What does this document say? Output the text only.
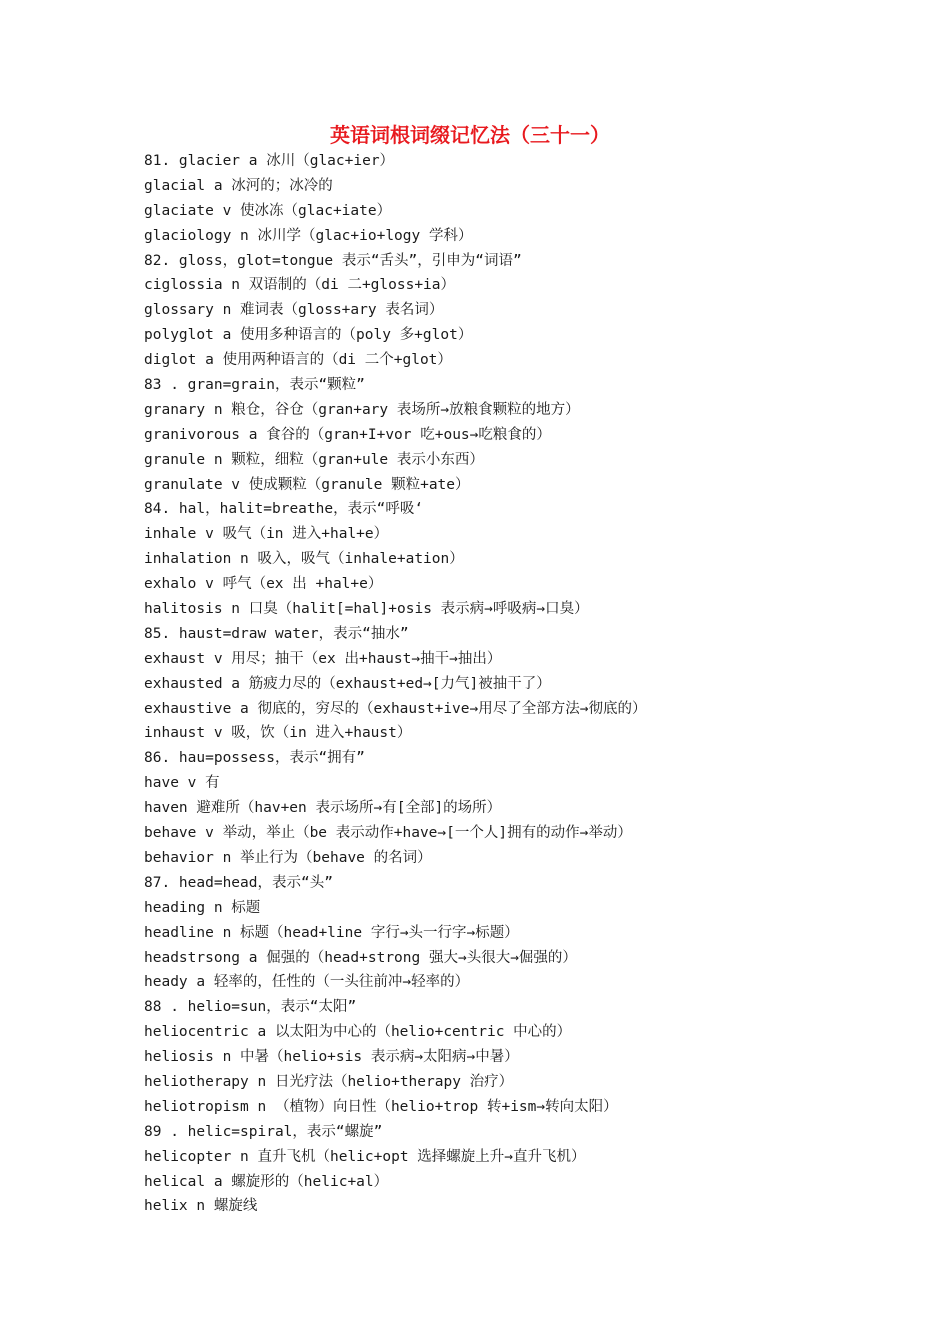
英语词根词缀记忆法（三十一）
81. glacier a 冰川（glac+ier）
glacial a 冰河的；冰冷的
glaciate v 使冰冻（glac+iate）
glaciology n 冰川学（glac+io+logy 学科）
82. gloss，glot=tongue 表示“舌头”，引申为“词语”
ciglossia n 双语制的（di 二+gloss+ia）
glossary n 难词表（gloss+ary 表名词）
polyglot a 使用多种语言的（poly 多+glot）
diglot a 使用两种语言的（di 二个+glot）
83 . gran=grain，表示“颗粒”
granary n 粮仓，谷仓（gran+ary 表场所→放粮食颗粒的地方）
granivorous a 食谷的（gran+I+vor 吃+ous→吃粮食的）
granule n 颗粒，细粒（gran+ule 表示小东西）
granulate v 使成颗粒（granule 颗粒+ate）
84. hal，halit=breathe，表示“呼吸‘
inhale v 吸气（in 进入+hal+e）
inhalation n 吸入，吸气（inhale+ation）
exhalo v 呼气（ex 出 +hal+e）
halitosis n 口臭（halit[=hal]+osis 表示病→呼吸病→口臭）
85. haust=draw water，表示“抽水”
exhaust v 用尽；抽干（ex 出+haust→抽干→抽出）
exhausted a 筋疲力尽的（exhaust+ed→[力气]被抽干了）
exhaustive a 彻底的，穷尽的（exhaust+ive→用尽了全部方法→彻底的）
inhaust v 吸，饮（in 进入+haust）
86. hau=possess，表示“拥有”
have v 有
haven 避难所（hav+en 表示场所→有[全部]的场所）
behave v 举动，举止（be 表示动作+have→[一个人]拥有的动作→举动）
behavior n 举止行为（behave 的名词）
87. head=head，表示“头”
heading n 标题
headline n 标题（head+line 字行→头一行字→标题）
headstrsong a 倔强的（head+strong 强大→头很大→倔强的）
heady a 轻率的，任性的（一头往前冲→轻率的）
88 . helio=sun，表示“太阳”
heliocentric a 以太阳为中心的（helio+centric 中心的）
heliosis n 中暑（helio+sis 表示病→太阳病→中暑）
heliotherapy n 日光疗法（helio+therapy 治疗）
heliotropism n （植物）向日性（helio+trop 转+ism→转向太阳）
89 . helic=spiral，表示“螺旋”
helicopter n 直升飞机（helic+opt 选择螺旋上升→直升飞机）
helical a 螺旋形的（helic+al）
helix n 螺旋线
